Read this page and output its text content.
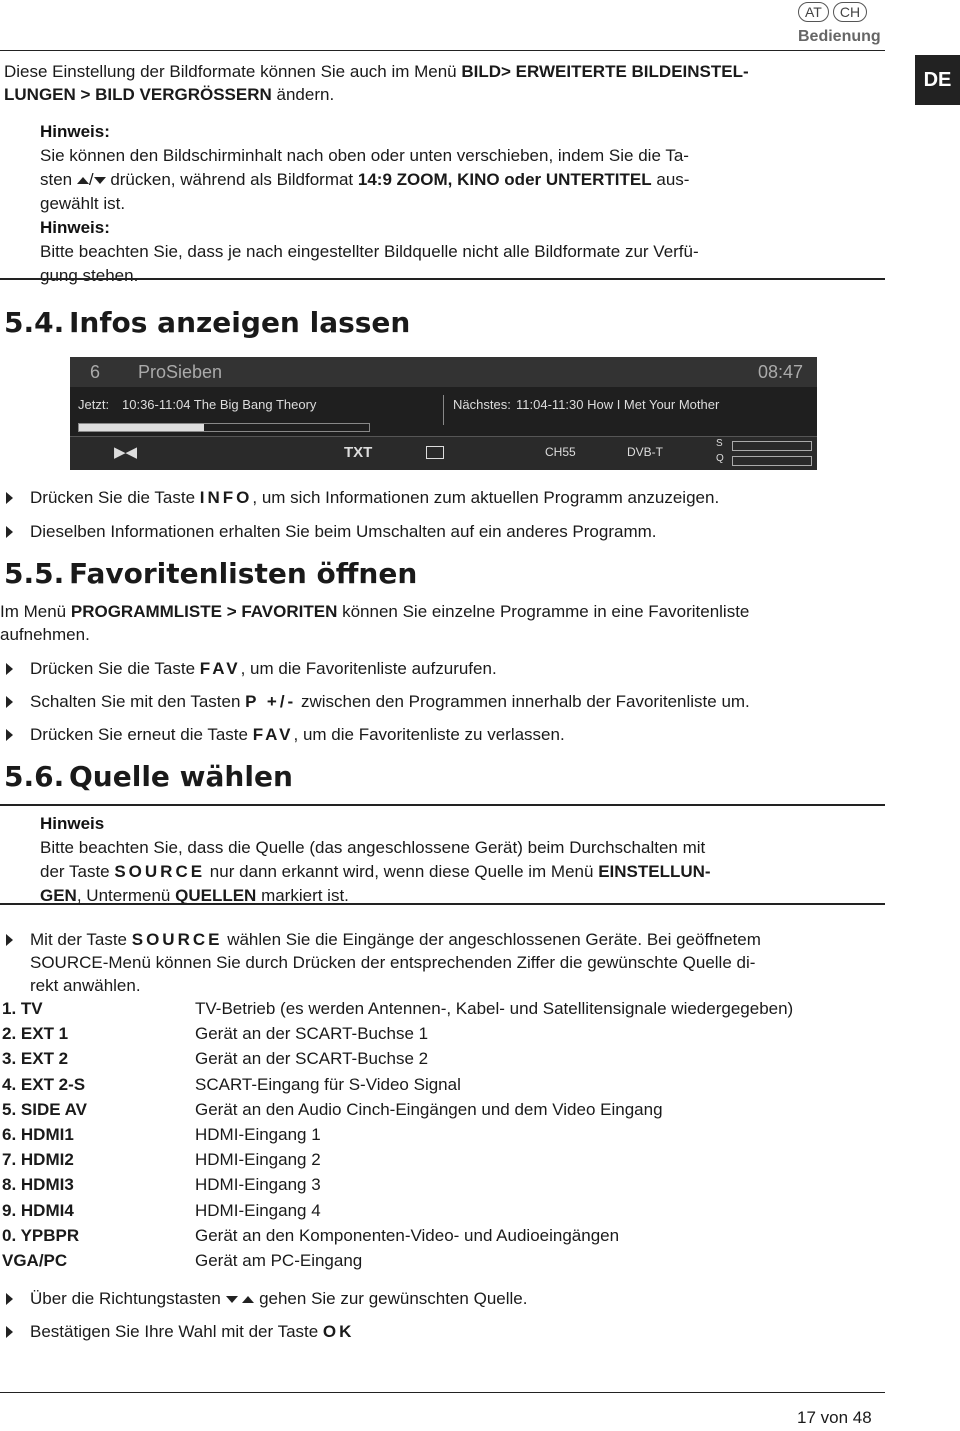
AT	CH
Bedienung
DE
Diese Einstellung der Bildformate können Sie auch im Menü BILD> ERWEITERTE BILDEINSTEL-
LUNGEN > BILD VERGRÖSSERN ändern.
Hinweis:
Sie können den Bildschirminhalt nach oben oder unten verschieben, indem Sie die Ta-
sten / drücken, während als Bildformat 14:9 ZOOM, KINO oder UNTERTITEL aus-
gewählt ist.
Hinweis:
Bitte beachten Sie, dass je nach eingestellter Bildquelle nicht alle Bildformate zur Verfü-
gung stehen.
5.4. Infos anzeigen lassen
6 ProSieben	08:47
Jetzt: 10:36-11:04 The Big Bang Theory	Nächstes: 11:04-11:30 How I Met Your Mother
▶◀	TXT	CH55	DVB-T
S
Q
Drücken Sie die Taste INFO, um sich Informationen zum aktuellen Programm anzuzeigen.
Dieselben Informationen erhalten Sie beim Umschalten auf ein anderes Programm.
5.5. Favoritenlisten öffnen
Im Menü PROGRAMMLISTE > FAVORITEN können Sie einzelne Programme in eine Favoritenliste
aufnehmen.
Drücken Sie die Taste FAV, um die Favoritenliste aufzurufen.
Schalten Sie mit den Tasten P +/- zwischen den Programmen innerhalb der Favoritenliste um.
Drücken Sie erneut die Taste FAV, um die Favoritenliste zu verlassen.
5.6. Quelle wählen
Hinweis
Bitte beachten Sie, dass die Quelle (das angeschlossene Gerät) beim Durchschalten mit
der Taste SOURCE nur dann erkannt wird, wenn diese Quelle im Menü EINSTELLUN-
GEN, Untermenü QUELLEN markiert ist.
Mit der Taste SOURCE wählen Sie die Eingänge der angeschlossenen Geräte. Bei geöffnetem
SOURCE-Menü können Sie durch Drücken der entsprechenden Ziffer die gewünschte Quelle di-
rekt anwählen.
1. TV	TV-Betrieb (es werden Antennen-, Kabel- und Satellitensignale wiedergegeben)
2. EXT 1	Gerät an der SCART-Buchse 1
3. EXT 2	Gerät an der SCART-Buchse 2
4. EXT 2-S	SCART-Eingang für S-Video Signal
5. SIDE AV	Gerät an den Audio Cinch-Eingängen und dem Video Eingang
6. HDMI1	HDMI-Eingang 1
7. HDMI2	HDMI-Eingang 2
8. HDMI3	HDMI-Eingang 3
9. HDMI4	HDMI-Eingang 4
0. YPBPR	Gerät an den Komponenten-Video- und Audioeingängen
VGA/PC	Gerät am PC-Eingang
Über die Richtungstasten   gehen Sie zur gewünschten Quelle.
Bestätigen Sie Ihre Wahl mit der Taste OK
17 von 48
